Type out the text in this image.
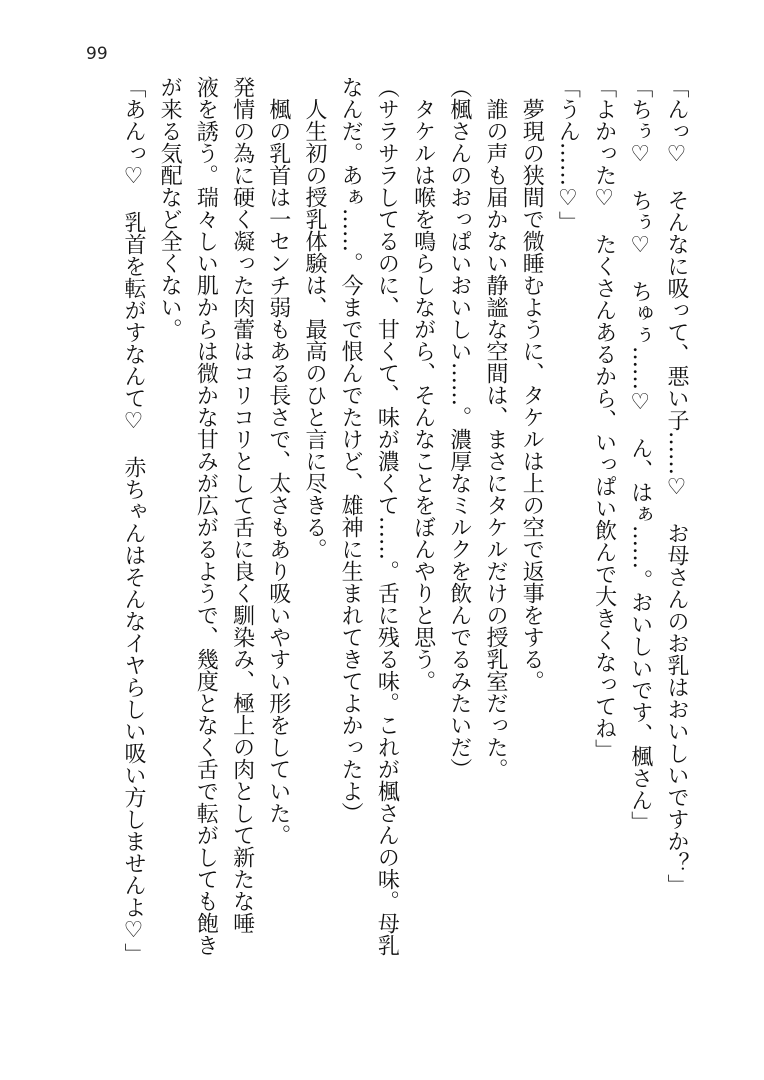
99
「んっ♡　そんなに吸って、悪い子……♡　お母さんのお乳はおいしいですか？」
「ちぅ♡　ちぅ♡　ちゅぅ……♡　ん、はぁ……。おいしいです、楓さん」
「よかった♡　たくさんあるから、いっぱい飲んで大きくなってね」
「うん……♡」
　夢現の狭間で微睡むように、タケルは上の空で返事をする。
　誰の声も届かない静謐な空間は、まさにタケルだけの授乳室だった。
（楓さんのおっぱいおいしい……。濃厚なミルクを飲んでるみたいだ）
　タケルは喉を鳴らしながら、そんなことをぼんやりと思う。
（サラサラしてるのに、甘くて、味が濃くて……。舌に残る味。これが楓さんの味。母乳
なんだ。あぁ……。今まで恨んでたけど、雄神に生まれてきてよかったよ）
　人生初の授乳体験は、最高のひと言に尽きる。
　楓の乳首は一センチ弱もある長さで、太さもあり吸いやすい形をしていた。
発情の為に硬く凝った肉蕾はコリコリとして舌に良く馴染み、極上の肉として新たな唾
液を誘う。瑞々しい肌からは微かな甘みが広がるようで、幾度となく舌で転がしても飽き
が来る気配など全くない。
「あんっ♡　乳首を転がすなんて♡　赤ちゃんはそんなイヤらしい吸い方しませんよ♡」
